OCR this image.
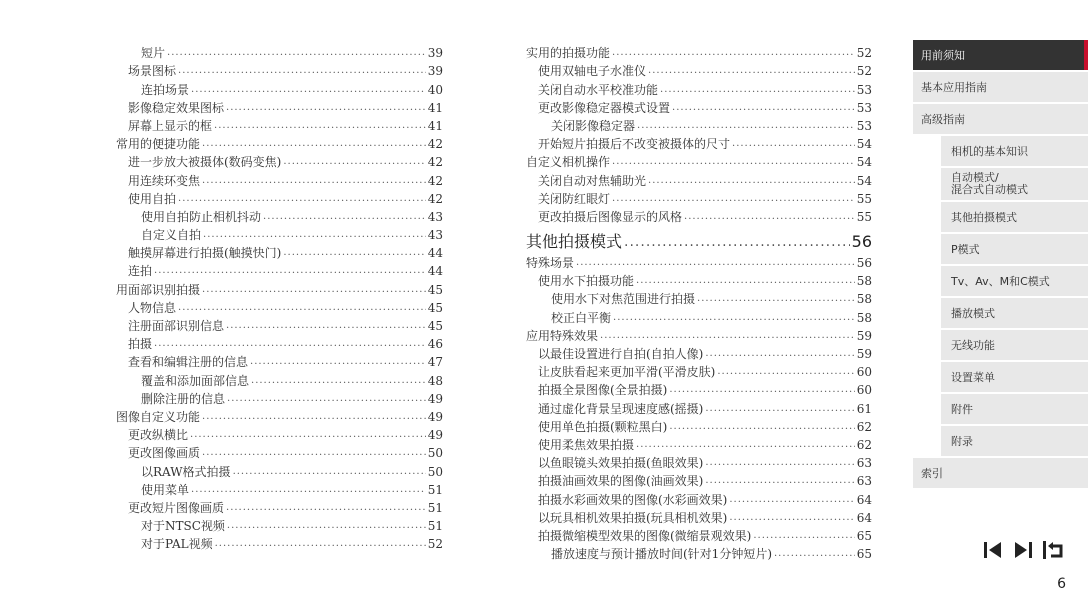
短片 .....	39
场景图标 .....	39
连拍场景 .....	40
影像稳定效果图标 .....	41
屏幕上显示的框 .....	41
常用的便捷功能 .....	42
进一步放大被摄体(数码变焦) .....	42
用连续环变焦 .....	42
使用自拍 .....	42
使用自拍防止相机抖动 .....	43
自定义自拍 .....	43
触摸屏幕进行拍摄(触摸快门) .....	44
连拍 .....	44
用面部识别拍摄 .....	45
人物信息 .....	45
注册面部识别信息 .....	45
拍摄 .....	46
查看和编辑注册的信息 .....	47
覆盖和添加面部信息 .....	48
删除注册的信息 .....	49
图像自定义功能 .....	49
更改纵横比 .....	49
更改图像画质 .....	50
以RAW格式拍摄 .....	50
使用菜单 .....	51
更改短片图像画质 .....	51
对于NTSC视频 .....	51
对于PAL视频 .....	52
实用的拍摄功能 .....	52
使用双轴电子水准仪 .....	52
关闭自动水平校准功能 .....	53
更改影像稳定器模式设置 .....	53
关闭影像稳定器 .....	53
开始短片拍摄后不改变被摄体的尺寸 .....	54
自定义相机操作 .....	54
关闭自动对焦辅助光 .....	54
关闭防红眼灯 .....	55
更改拍摄后图像显示的风格 .....	55
其他拍摄模式 .....	56
特殊场景 .....	56
使用水下拍摄功能 .....	58
使用水下对焦范围进行拍摄 .....	58
校正白平衡 .....	58
应用特殊效果 .....	59
以最佳设置进行自拍(自拍人像) .....	59
让皮肤看起来更加平滑(平滑皮肤) .....	60
拍摄全景图像(全景拍摄) .....	60
通过虚化背景呈现速度感(摇摄) .....	61
使用单色拍摄(颗粒黑白) .....	62
使用柔焦效果拍摄 .....	62
以鱼眼镜头效果拍摄(鱼眼效果) .....	63
拍摄油画效果的图像(油画效果) .....	63
拍摄水彩画效果的图像(水彩画效果) .....	64
以玩具相机效果拍摄(玩具相机效果) .....	64
拍摄微缩模型效果的图像(微缩景观效果) .....	65
播放速度与预计播放时间(针对1分钟短片) .....	65
用前须知
基本应用指南
高级指南
相机的基本知识
自动模式/
混合式自动模式
其他拍摄模式
P模式
Tv、Av、M和C模式
播放模式
无线功能
设置菜单
附件
附录
索引
6
